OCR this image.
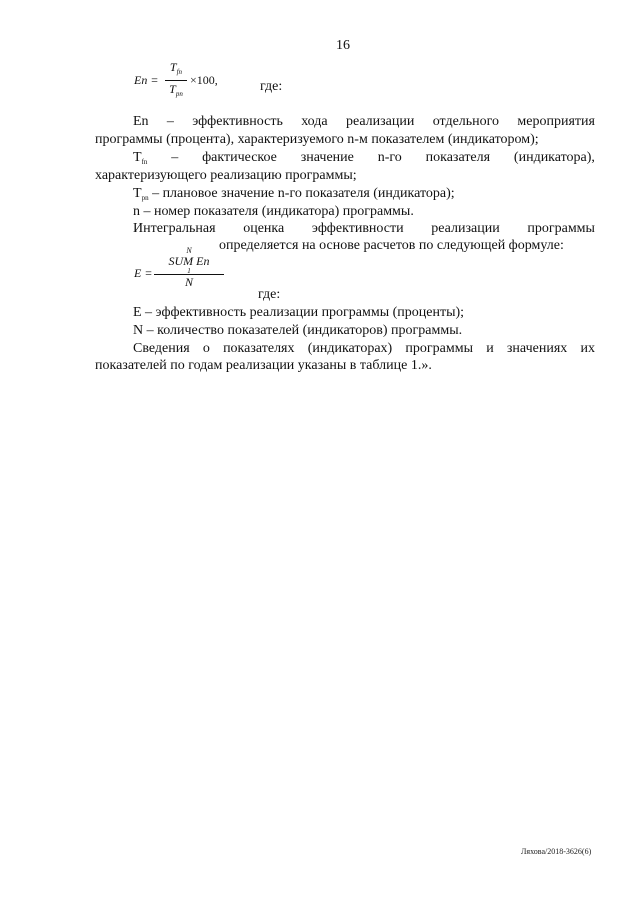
16
En =
$T_{fn}$
$T_{pn}$
×100,	где:
En – эффективность хода реализации отдельного мероприятия
программы (процента), характеризуемого n-м показателем (индикатором);
$T_{fn}$ – фактическое значение n-го показателя (индикатора),
характеризующего реализацию программы;
$T_{pn}$ – плановое значение n-го показателя (индикатора);
n – номер показателя (индикатора) программы.
Интегральная оценка эффективности реализации программы
определяется на основе расчетов по следующей формуле:
E =
N
SUM En
1
N
где:
E – эффективность реализации программы (проценты);
N – количество показателей (индикаторов) программы.
Сведения о показателях (индикаторах) программы и значениях их
показателей по годам реализации указаны в таблице 1.».
Ляхова/2018-3626(6)
